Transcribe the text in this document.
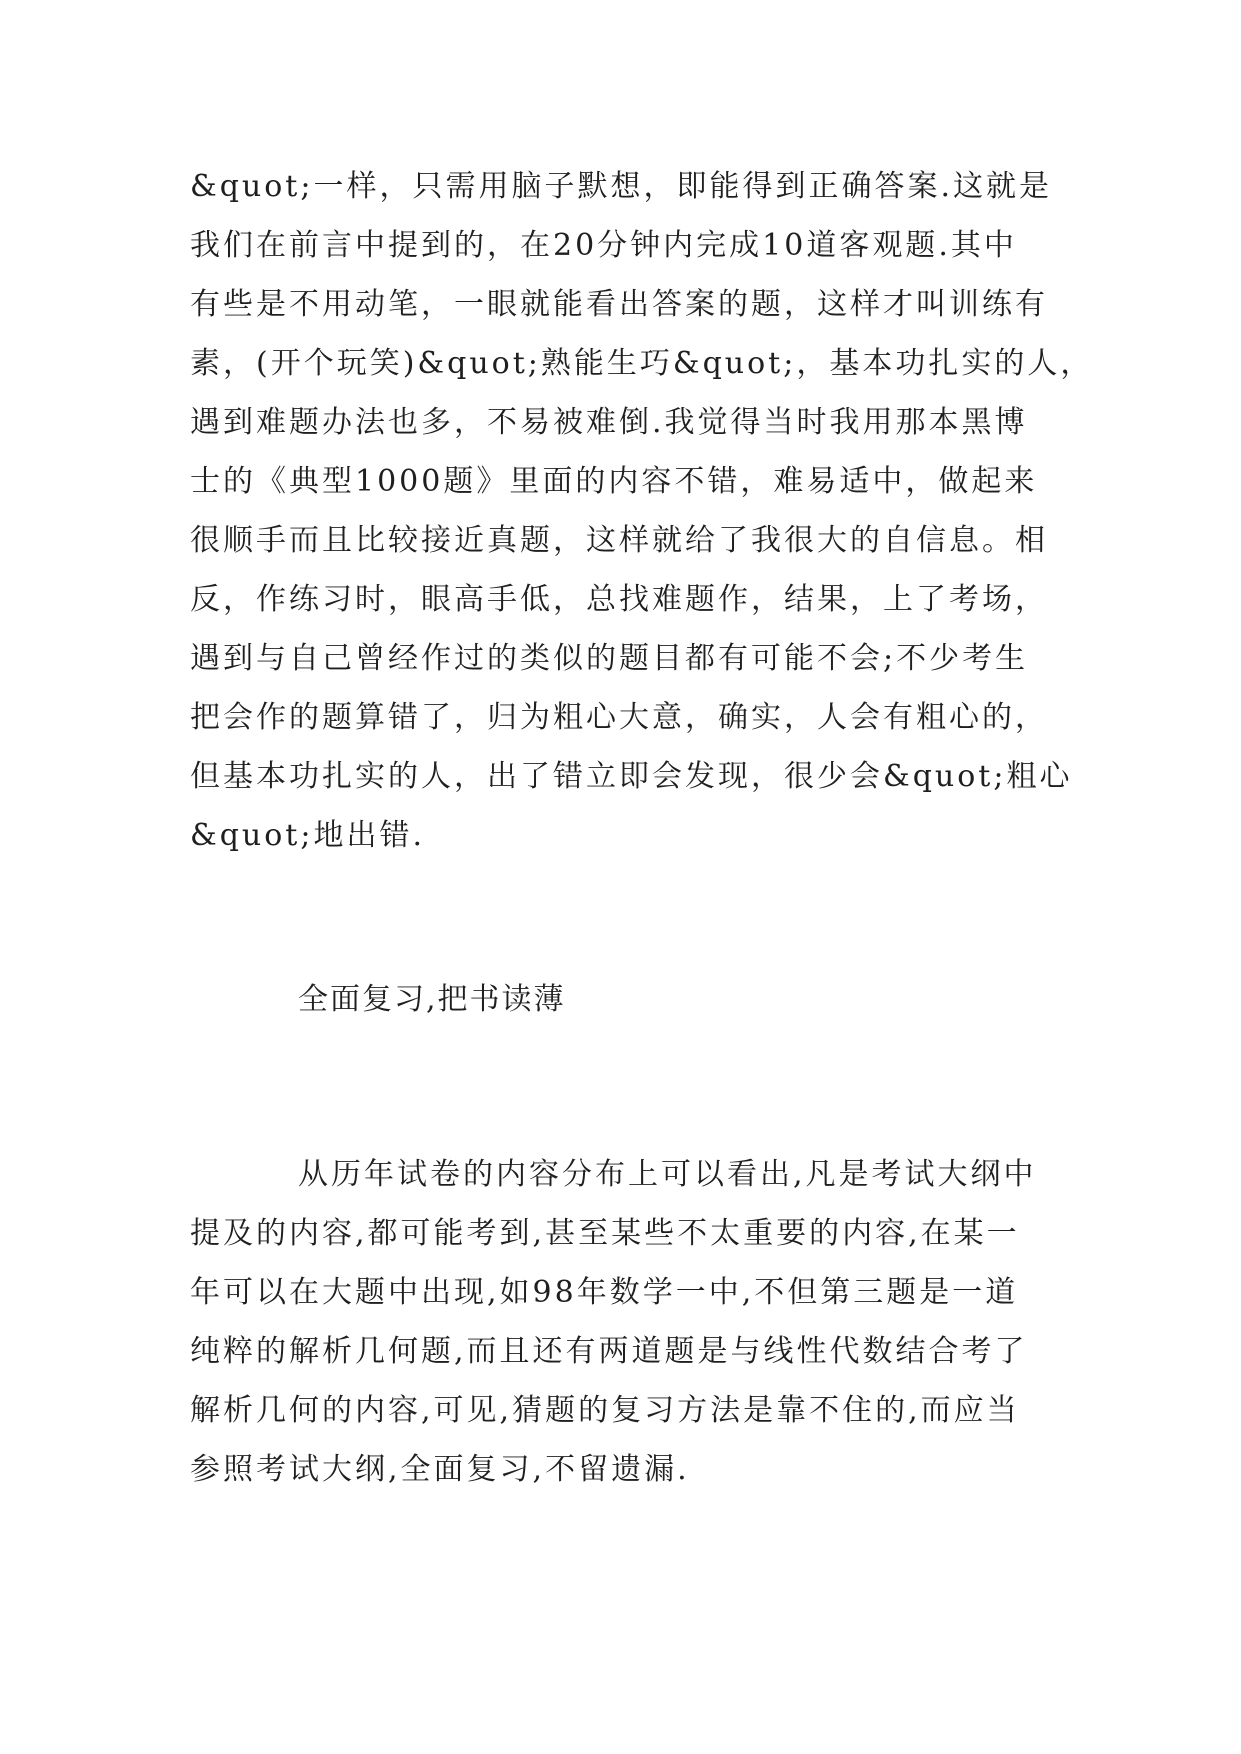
&quot;一样，只需用脑子默想，即能得到正确答案.这就是
我们在前言中提到的，在20分钟内完成10道客观题.其中
有些是不用动笔，一眼就能看出答案的题，这样才叫训练有
素，(开个玩笑)&quot;熟能生巧&quot;，基本功扎实的人，
遇到难题办法也多，不易被难倒.我觉得当时我用那本黑博
士的《典型1000题》里面的内容不错，难易适中，做起来
很顺手而且比较接近真题，这样就给了我很大的自信息。相
反，作练习时，眼高手低，总找难题作，结果，上了考场，
遇到与自己曾经作过的类似的题目都有可能不会;不少考生
把会作的题算错了，归为粗心大意，确实，人会有粗心的，
但基本功扎实的人，出了错立即会发现，很少会&quot;粗心
&quot;地出错.
全面复习,把书读薄
从历年试卷的内容分布上可以看出,凡是考试大纲中
提及的内容,都可能考到,甚至某些不太重要的内容,在某一
年可以在大题中出现,如98年数学一中,不但第三题是一道
纯粹的解析几何题,而且还有两道题是与线性代数结合考了
解析几何的内容,可见,猜题的复习方法是靠不住的,而应当
参照考试大纲,全面复习,不留遗漏.
